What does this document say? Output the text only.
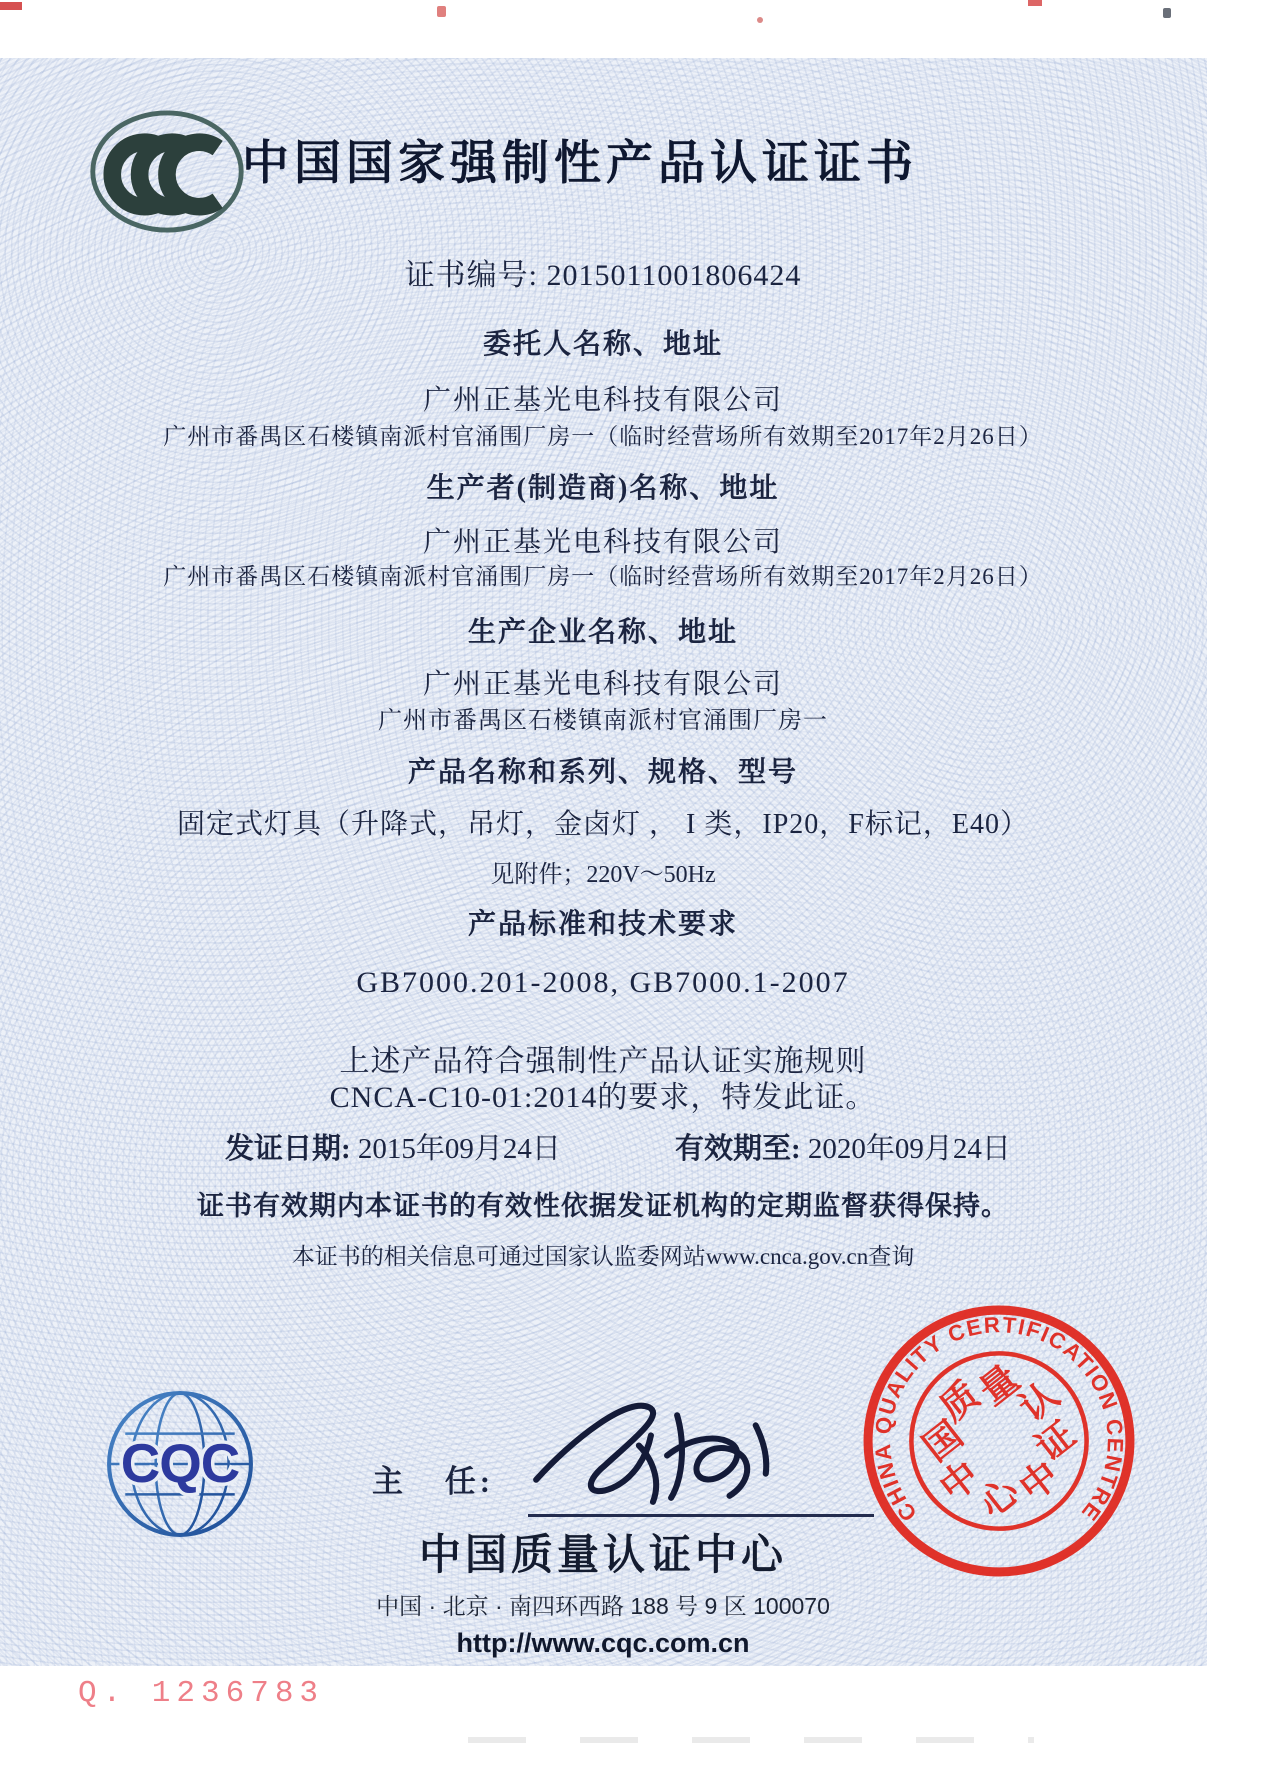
中国国家强制性产品认证证书
证书编号: 2015011001806424
委托人名称、地址
广州正基光电科技有限公司
广州市番禺区石楼镇南派村官涌围厂房一（临时经营场所有效期至2017年2月26日）
生产者(制造商)名称、地址
广州正基光电科技有限公司
广州市番禺区石楼镇南派村官涌围厂房一（临时经营场所有效期至2017年2月26日）
生产企业名称、地址
广州正基光电科技有限公司
广州市番禺区石楼镇南派村官涌围厂房一
产品名称和系列、规格、型号
固定式灯具（升降式，吊灯，金卤灯 ， I 类，IP20，F标记，E40）
见附件；220V～50Hz
产品标准和技术要求
GB7000.201-2008, GB7000.1-2007
上述产品符合强制性产品认证实施规则
CNCA-C10-01:2014的要求，特发此证。
发证日期: 2015年09月24日	有效期至: 2020年09月24日
证书有效期内本证书的有效性依据发证机构的定期监督获得保持。
本证书的相关信息可通过国家认监委网站www.cnca.gov.cn查询
CQC	主 任:
中国质量认证中心
中国 · 北京 · 南四环西路 188 号 9 区 100070
http://www.cqc.com.cn
CHINA QUALITY CERTIFICATION CENTRE
中
国
质
量
认
证
中
心
Q. 1236783
